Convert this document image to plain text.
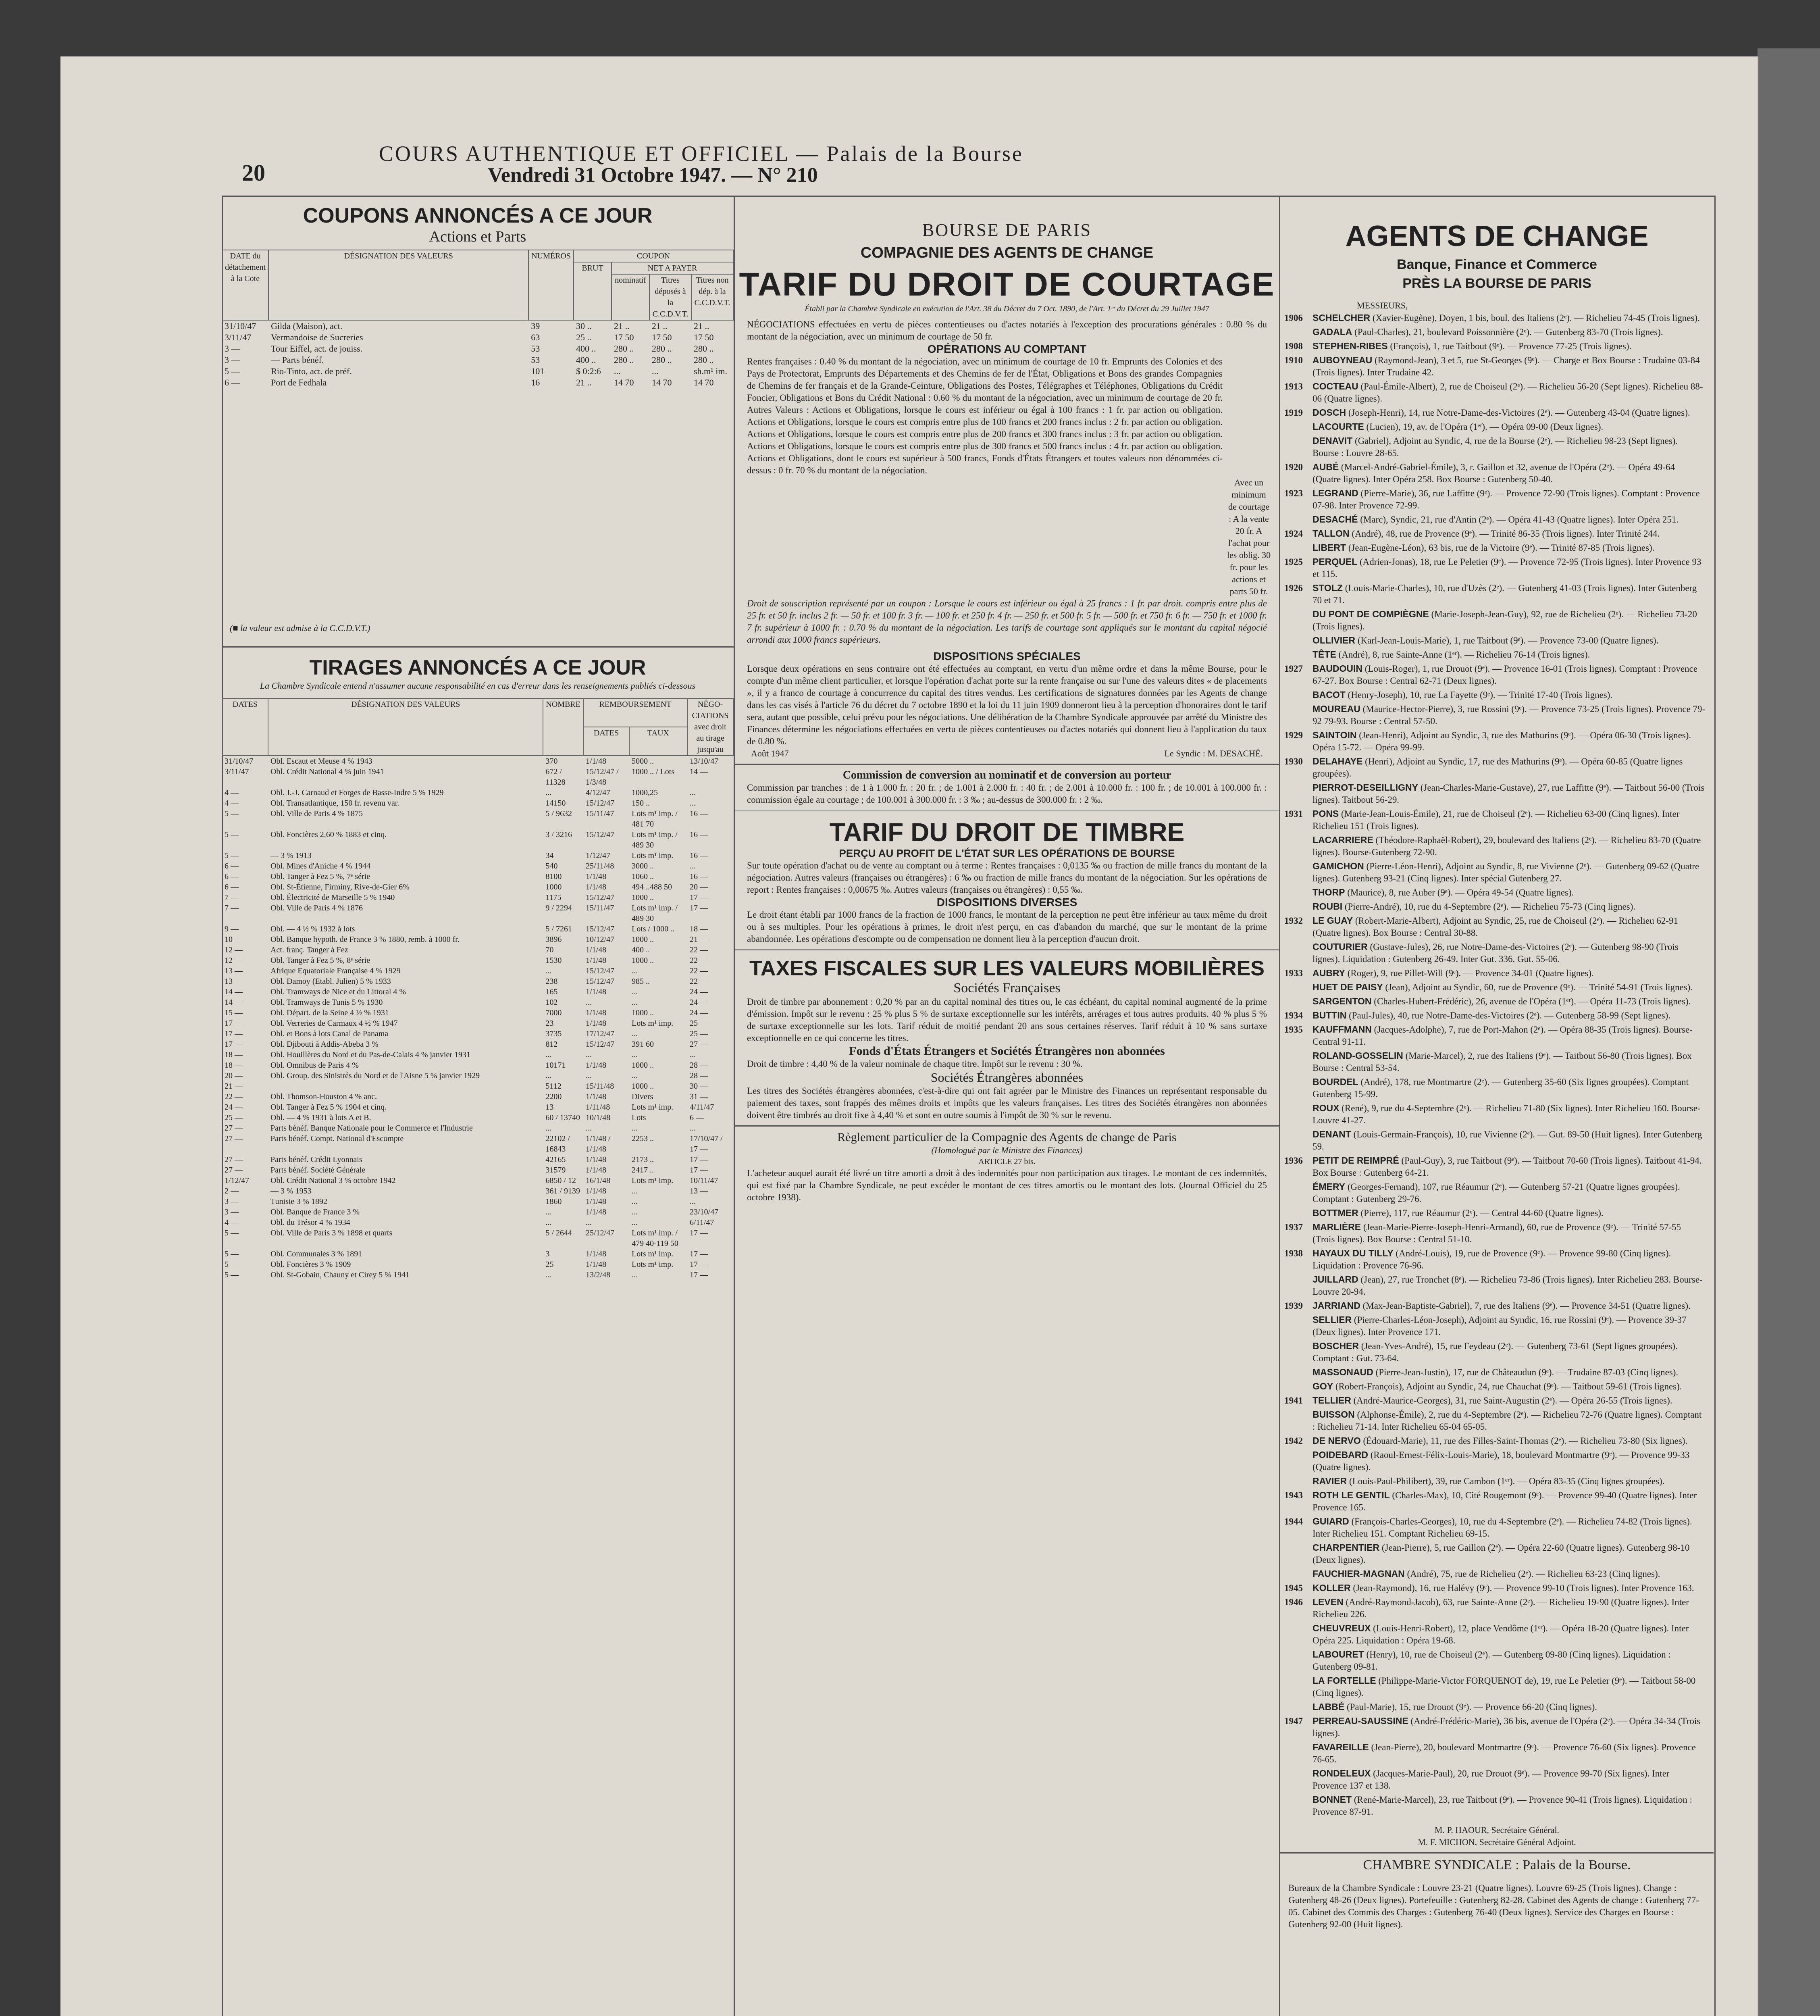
20
COURS AUTHENTIQUE ET OFFICIEL — Palais de la Bourse
Vendredi 31 Octobre 1947. — N° 210
COUPONS ANNONCÉS A CE JOUR
Actions et Parts
DATE du détachement à la Cote	DÉSIGNATION DES VALEURS	NUMÉROS	COUPON			
			BRUT	NET A PAYER		
				nominatif	Titres déposés à la C.C.D.V.T.	Titres non dép. à la C.C.D.V.T.
31/10/47	Gilda (Maison), act.	39	30 ..	21 ..	21 ..	21 ..
3/11/47	Vermandoise de Sucreries	63	25 ..	17 50	17 50	17 50
3 —	Tour Eiffel, act. de jouiss.	53	400 ..	280 ..	280 ..	280 ..
3 —	— Parts bénéf.	53	400 ..	280 ..	280 ..	280 ..
5 —	Rio-Tinto, act. de préf.	101	$ 0:2:6	...	...	sh.m¹ im.
6 —	Port de Fedhala	16	21 ..	14 70	14 70	14 70
(■ la valeur est admise à la C.C.D.V.T.)
TIRAGES ANNONCÉS A CE JOUR
La Chambre Syndicale entend n'assumer aucune responsabilité en cas d'erreur dans les renseignements publiés ci-dessous
DATES	DÉSIGNATION DES VALEURS	NOMBRE	REMBOURSEMENT		NÉGO-CIATIONS avec droit au tirage jusqu'au
			DATES	TAUX	
31/10/47	Obl. Escaut et Meuse 4 % 1943	370	1/1/48	5000 ..	13/10/47
3/11/47	Obl. Crédit National 4 % juin 1941	672 / 11328	15/12/47 / 1/3/48	1000 .. / Lots	14 —
4 —	Obl. J.-J. Carnaud et Forges de Basse-Indre 5 % 1929	...	4/12/47	1000,25	...
4 —	Obl. Transatlantique, 150 fr. revenu var.	14150	15/12/47	150 ..	...
5 —	Obl. Ville de Paris 4 % 1875	5 / 9632	15/11/47	Lots m¹ imp. / 481 70	16 —
5 —	Obl. Foncières 2,60 % 1883 et cinq.	3 / 3216	15/12/47	Lots m¹ imp. / 489 30	16 —
5 —	— 3 % 1913	34	1/12/47	Lots m¹ imp.	16 —
6 —	Obl. Mines d'Aniche 4 % 1944	540	25/11/48	3000 ..	...
6 —	Obl. Tanger à Fez 5 %, 7ᵉ série	8100	1/1/48	1060 ..	16 —
6 —	Obl. St-Étienne, Firminy, Rive-de-Gier 6%	1000	1/1/48	494 ..488 50	20 —
7 —	Obl. Électricité de Marseille 5 % 1940	1175	15/12/47	1000 ..	17 —
7 —	Obl. Ville de Paris 4 % 1876	9 / 2294	15/11/47	Lots m¹ imp. / 489 30	17 —
9 —	Obl. — 4 ½ % 1932 à lots	5 / 7261	15/12/47	Lots / 1000 ..	18 —
10 —	Obl. Banque hypoth. de France 3 % 1880, remb. à 1000 fr.	3896	10/12/47	1000 ..	21 —
12 —	Act. franç. Tanger à Fez	70	1/1/48	400 ..	22 —
12 —	Obl. Tanger à Fez 5 %, 8ᵉ série	1530	1/1/48	1000 ..	22 —
13 —	Afrique Equatoriale Française 4 % 1929	...	15/12/47	...	22 —
13 —	Obl. Damoy (Etabl. Julien) 5 % 1933	238	15/12/47	985 ..	22 —
14 —	Obl. Tramways de Nice et du Littoral 4 %	165	1/1/48	...	24 —
14 —	Obl. Tramways de Tunis 5 % 1930	102	...	...	24 —
15 —	Obl. Départ. de la Seine 4 ½ % 1931	7000	1/1/48	1000 ..	24 —
17 —	Obl. Verreries de Carmaux 4 ½ % 1947	23	1/1/48	Lots m¹ imp.	25 —
17 —	Obl. et Bons à lots Canal de Panama	3735	17/12/47	...	25 —
17 —	Obl. Djibouti à Addis-Abeba 3 %	812	15/12/47	391 60	27 —
18 —	Obl. Houillères du Nord et du Pas-de-Calais 4 % janvier 1931	...	...	...	...
18 —	Obl. Omnibus de Paris 4 %	10171	1/1/48	1000 ..	28 —
20 —	Obl. Group. des Sinistrés du Nord et de l'Aisne 5 % janvier 1929	...	...	...	28 —
21 —		5112	15/11/48	1000 ..	30 —
22 —	Obl. Thomson-Houston 4 % anc.	2200	1/1/48	Divers	31 —
24 —	Obl. Tanger à Fez 5 % 1904 et cinq.	13	1/11/48	Lots m¹ imp.	4/11/47
25 —	Obl. — 4 % 1931 à lots A et B.	60 / 13740	10/1/48	Lots	6 —
27 —	Parts bénéf. Banque Nationale pour le Commerce et l'Industrie	...	...	...	...
27 —	Parts bénéf. Compt. National d'Escompte	22102 / 16843	1/1/48 / 1/1/48	2253 ..	17/10/47 / 17 —
27 —	Parts bénéf. Crédit Lyonnais	42165	1/1/48	2173 ..	17 —
27 —	Parts bénéf. Société Générale	31579	1/1/48	2417 ..	17 —
1/12/47	Obl. Crédit National 3 % octobre 1942	6850 / 12	16/1/48	Lots m¹ imp.	10/11/47
2 —	— 3 % 1953	361 / 9139	1/1/48	...	13 —
3 —	Tunisie 3 % 1892	1860	1/1/48	...	...
3 —	Obl. Banque de France 3 %	...	1/1/48	...	23/10/47
4 —	Obl. du Trésor 4 % 1934	...	...	...	6/11/47
5 —	Obl. Ville de Paris 3 % 1898 et quarts	5 / 2644	25/12/47	Lots m¹ imp. / 479 40-119 50	17 —
5 —	Obl. Communales 3 % 1891	3	1/1/48	Lots m¹ imp.	17 —
5 —	Obl. Foncières 3 % 1909	25	1/1/48	Lots m¹ imp.	17 —
5 —	Obl. St-Gobain, Chauny et Cirey 5 % 1941	...	13/2/48	...	17 —
BOURSE DE PARIS
COMPAGNIE DES AGENTS DE CHANGE
TARIF DU DROIT DE COURTAGE
Établi par la Chambre Syndicale en exécution de l'Art. 38 du Décret du 7 Oct. 1890, de l'Art. 1ᵉʳ du Décret du 29 Juillet 1947

NÉGOCIATIONS effectuées en vertu de pièces contentieuses ou d'actes notariés à l'exception des procurations générales : 0.80 % du montant de la négociation, avec un minimum de courtage de 50 fr.

OPÉRATIONS AU COMPTANT

Rentes françaises : 0.40 % du montant de la négociation, avec un minimum de courtage de 10 fr. Emprunts des Colonies et des Pays de Protectorat, Emprunts des Départements et des Chemins de fer de l'État, Obligations et Bons des grandes Compagnies de Chemins de fer français et de la Grande-Ceinture, Obligations des Postes, Télégraphes et Téléphones, Obligations du Crédit Foncier, Obligations et Bons du Crédit National : 0.60 % du montant de la négociation, avec un minimum de courtage de 20 fr. Autres Valeurs : Actions et Obligations, lorsque le cours est inférieur ou égal à 100 francs : 1 fr. par action ou obligation. Actions et Obligations, lorsque le cours est compris entre plus de 100 francs et 200 francs inclus : 2 fr. par action ou obligation. Actions et Obligations, lorsque le cours est compris entre plus de 200 francs et 300 francs inclus : 3 fr. par action ou obligation. Actions et Obligations, lorsque le cours est compris entre plus de 300 francs et 500 francs inclus : 4 fr. par action ou obligation. Actions et Obligations, dont le cours est supérieur à 500 francs, Fonds d'États Étrangers et toutes valeurs non dénommées ci-dessus : 0 fr. 70 % du montant de la négociation.

Avec un minimum de courtage : A la vente 20 fr. A l'achat pour les oblig. 30 fr. pour les actions et parts 50 fr.

Droit de souscription représenté par un coupon : Lorsque le cours est inférieur ou égal à 25 francs : 1 fr. par droit. compris entre plus de 25 fr. et 50 fr. inclus 2 fr. — 50 fr. et 100 fr. 3 fr. — 100 fr. et 250 fr. 4 fr. — 250 fr. et 500 fr. 5 fr. — 500 fr. et 750 fr. 6 fr. — 750 fr. et 1000 fr. 7 fr. supérieur à 1000 fr. : 0.70 % du montant de la négociation. Les tarifs de courtage sont appliqués sur le montant du capital négocié arrondi aux 1000 francs supérieurs.

DISPOSITIONS SPÉCIALES

Lorsque deux opérations en sens contraire ont été effectuées au comptant, en vertu d'un même ordre et dans la même Bourse, pour le compte d'un même client particulier, et lorsque l'opération d'achat porte sur la rente française ou sur l'une des valeurs dites « de placements », il y a franco de courtage à concurrence du capital des titres vendus. Les certifications de signatures données par les Agents de change dans les cas visés à l'article 76 du décret du 7 octobre 1890 et la loi du 11 juin 1909 donneront lieu à la perception d'honoraires dont le tarif sera, autant que possible, celui prévu pour les négociations. Une délibération de la Chambre Syndicale approuvée par arrêté du Ministre des Finances détermine les négociations effectuées en vertu de pièces contentieuses ou d'actes notariés qui donnent lieu à l'application du taux de 0.80 %.

Août 1947	Le Syndic : M. DESACHÉ.
Commission de conversion au nominatif et de conversion au porteur

Commission par tranches : de 1 à 1.000 fr. : 20 fr. ; de 1.001 à 2.000 fr. : 40 fr. ; de 2.001 à 10.000 fr. : 100 fr. ; de 10.001 à 100.000 fr. : commission égale au courtage ; de 100.001 à 300.000 fr. : 3 ‰ ; au-dessus de 300.000 fr. : 2 ‰.

TARIF DU DROIT DE TIMBRE
PERÇU AU PROFIT DE L'ÉTAT SUR LES OPÉRATIONS DE BOURSE

Sur toute opération d'achat ou de vente au comptant ou à terme : Rentes françaises : 0,0135 ‰ ou fraction de mille francs du montant de la négociation. Autres valeurs (françaises ou étrangères) : 6 ‰ ou fraction de mille francs du montant de la négociation. Sur les opérations de report : Rentes françaises : 0,00675 ‰. Autres valeurs (françaises ou étrangères) : 0,55 ‰.

DISPOSITIONS DIVERSES

Le droit étant établi par 1000 francs de la fraction de 1000 francs, le montant de la perception ne peut être inférieur au taux même du droit ou à ses multiples. Pour les opérations à primes, le droit n'est perçu, en cas d'abandon du marché, que sur le montant de la prime abandonnée. Les opérations d'escompte ou de compensation ne donnent lieu à la perception d'aucun droit.

TAXES FISCALES SUR LES VALEURS MOBILIÈRES
Sociétés Françaises

Droit de timbre par abonnement : 0,20 % par an du capital nominal des titres ou, le cas échéant, du capital nominal augmenté de la prime d'émission. Impôt sur le revenu : 25 % plus 5 % de surtaxe exceptionnelle sur les intérêts, arrérages et tous autres produits. 40 % plus 5 % de surtaxe exceptionnelle sur les lots. Tarif réduit de moitié pendant 20 ans sous certaines réserves. Tarif réduit à 10 % sans surtaxe exceptionnelle en ce qui concerne les titres.

Fonds d'États Étrangers et Sociétés Étrangères non abonnées

Droit de timbre : 4,40 % de la valeur nominale de chaque titre. Impôt sur le revenu : 30 %.

Sociétés Étrangères abonnées

Les titres des Sociétés étrangères abonnées, c'est-à-dire qui ont fait agréer par le Ministre des Finances un représentant responsable du paiement des taxes, sont frappés des mêmes droits et impôts que les valeurs françaises. Les titres des Sociétés étrangères non abonnées doivent être timbrés au droit fixe à 4,40 % et sont en outre soumis à l'impôt de 30 % sur le revenu.

Règlement particulier de la Compagnie des Agents de change de Paris
(Homologué par le Ministre des Finances)
ARTICLE 27 bis.

L'acheteur auquel aurait été livré un titre amorti a droit à des indemnités pour non participation aux tirages. Le montant de ces indemnités, qui est fixé par la Chambre Syndicale, ne peut excéder le montant de ces titres amortis ou le montant des lots. (Journal Officiel du 25 octobre 1938).

AGENTS DE CHANGE
Banque, Finance et Commerce
PRÈS LA BOURSE DE PARIS
MESSIEURS,
1906 SCHELCHER (Xavier-Eugène), Doyen, 1 bis, boul. des Italiens (2ᵉ). — Richelieu 74-45 (Trois lignes).
GADALA (Paul-Charles), 21, boulevard Poissonnière (2ᵉ). — Gutenberg 83-70 (Trois lignes).
1908 STEPHEN-RIBES (François), 1, rue Taitbout (9ᵉ). — Provence 77-25 (Trois lignes).
1910 AUBOYNEAU (Raymond-Jean), 3 et 5, rue St-Georges (9ᵉ). — Charge et Box Bourse : Trudaine 03-84 (Trois lignes). Inter Trudaine 42.
1913 COCTEAU (Paul-Émile-Albert), 2, rue de Choiseul (2ᵉ). — Richelieu 56-20 (Sept lignes). Richelieu 88-06 (Quatre lignes).
1919 DOSCH (Joseph-Henri), 14, rue Notre-Dame-des-Victoires (2ᵉ). — Gutenberg 43-04 (Quatre lignes).
LACOURTE (Lucien), 19, av. de l'Opéra (1ᵉʳ). — Opéra 09-00 (Deux lignes).
DENAVIT (Gabriel), Adjoint au Syndic, 4, rue de la Bourse (2ᵉ). — Richelieu 98-23 (Sept lignes). Bourse : Louvre 28-65.
1920 AUBÉ (Marcel-André-Gabriel-Émile), 3, r. Gaillon et 32, avenue de l'Opéra (2ᵉ). — Opéra 49-64 (Quatre lignes). Inter Opéra 258. Box Bourse : Gutenberg 50-40.
1923 LEGRAND (Pierre-Marie), 36, rue Laffitte (9ᵉ). — Provence 72-90 (Trois lignes). Comptant : Provence 07-98. Inter Provence 72-99.
DESACHÉ (Marc), Syndic, 21, rue d'Antin (2ᵉ). — Opéra 41-43 (Quatre lignes). Inter Opéra 251.
1924 TALLON (André), 48, rue de Provence (9ᵉ). — Trinité 86-35 (Trois lignes). Inter Trinité 244.
LIBERT (Jean-Eugène-Léon), 63 bis, rue de la Victoire (9ᵉ). — Trinité 87-85 (Trois lignes).
1925 PERQUEL (Adrien-Jonas), 18, rue Le Peletier (9ᵉ). — Provence 72-95 (Trois lignes). Inter Provence 93 et 115.
1926 STOLZ (Louis-Marie-Charles), 10, rue d'Uzès (2ᵉ). — Gutenberg 41-03 (Trois lignes). Inter Gutenberg 70 et 71.
DU PONT DE COMPIÈGNE (Marie-Joseph-Jean-Guy), 92, rue de Richelieu (2ᵉ). — Richelieu 73-20 (Trois lignes).
OLLIVIER (Karl-Jean-Louis-Marie), 1, rue Taitbout (9ᵉ). — Provence 73-00 (Quatre lignes).
TÊTE (André), 8, rue Sainte-Anne (1ᵉʳ). — Richelieu 76-14 (Trois lignes).
1927 BAUDOUIN (Louis-Roger), 1, rue Drouot (9ᵉ). — Provence 16-01 (Trois lignes). Comptant : Provence 67-27. Box Bourse : Central 62-71 (Deux lignes).
BACOT (Henry-Joseph), 10, rue La Fayette (9ᵉ). — Trinité 17-40 (Trois lignes).
MOUREAU (Maurice-Hector-Pierre), 3, rue Rossini (9ᵉ). — Provence 73-25 (Trois lignes). Provence 79-92 79-93. Bourse : Central 57-50.
1929 SAINTOIN (Jean-Henri), Adjoint au Syndic, 3, rue des Mathurins (9ᵉ). — Opéra 06-30 (Trois lignes). Opéra 15-72. — Opéra 99-99.
1930 DELAHAYE (Henri), Adjoint au Syndic, 17, rue des Mathurins (9ᵉ). — Opéra 60-85 (Quatre lignes groupées).
PIERROT-DESEILLIGNY (Jean-Charles-Marie-Gustave), 27, rue Laffitte (9ᵉ). — Taitbout 56-00 (Trois lignes). Taitbout 56-29.
1931 PONS (Marie-Jean-Louis-Émile), 21, rue de Choiseul (2ᵉ). — Richelieu 63-00 (Cinq lignes). Inter Richelieu 151 (Trois lignes).
LACARRIERE (Théodore-Raphaël-Robert), 29, boulevard des Italiens (2ᵉ). — Richelieu 83-70 (Quatre lignes). Bourse-Gutenberg 72-90.
GAMICHON (Pierre-Léon-Henri), Adjoint au Syndic, 8, rue Vivienne (2ᵉ). — Gutenberg 09-62 (Quatre lignes). Gutenberg 93-21 (Cinq lignes). Inter spécial Gutenberg 27.
THORP (Maurice), 8, rue Auber (9ᵉ). — Opéra 49-54 (Quatre lignes).
ROUBI (Pierre-André), 10, rue du 4-Septembre (2ᵉ). — Richelieu 75-73 (Cinq lignes).
1932 LE GUAY (Robert-Marie-Albert), Adjoint au Syndic, 25, rue de Choiseul (2ᵉ). — Richelieu 62-91 (Quatre lignes). Box Bourse : Central 30-88.
COUTURIER (Gustave-Jules), 26, rue Notre-Dame-des-Victoires (2ᵉ). — Gutenberg 98-90 (Trois lignes). Liquidation : Gutenberg 26-49. Inter Gut. 336. Gut. 55-06.
1933 AUBRY (Roger), 9, rue Pillet-Will (9ᵉ). — Provence 34-01 (Quatre lignes).
HUET DE PAISY (Jean), Adjoint au Syndic, 60, rue de Provence (9ᵉ). — Trinité 54-91 (Trois lignes).
SARGENTON (Charles-Hubert-Frédéric), 26, avenue de l'Opéra (1ᵉʳ). — Opéra 11-73 (Trois lignes).
1934 BUTTIN (Paul-Jules), 40, rue Notre-Dame-des-Victoires (2ᵉ). — Gutenberg 58-99 (Sept lignes).
1935 KAUFFMANN (Jacques-Adolphe), 7, rue de Port-Mahon (2ᵉ). — Opéra 88-35 (Trois lignes). Bourse-Central 91-11.
ROLAND-GOSSELIN (Marie-Marcel), 2, rue des Italiens (9ᵉ). — Taitbout 56-80 (Trois lignes). Box Bourse : Central 53-54.
BOURDEL (André), 178, rue Montmartre (2ᵉ). — Gutenberg 35-60 (Six lignes groupées). Comptant Gutenberg 15-99.
ROUX (René), 9, rue du 4-Septembre (2ᵉ). — Richelieu 71-80 (Six lignes). Inter Richelieu 160. Bourse-Louvre 41-27.
DENANT (Louis-Germain-François), 10, rue Vivienne (2ᵉ). — Gut. 89-50 (Huit lignes). Inter Gutenberg 59.
1936 PETIT DE REIMPRÉ (Paul-Guy), 3, rue Taitbout (9ᵉ). — Taitbout 70-60 (Trois lignes). Taitbout 41-94. Box Bourse : Gutenberg 64-21.
ÉMERY (Georges-Fernand), 107, rue Réaumur (2ᵉ). — Gutenberg 57-21 (Quatre lignes groupées). Comptant : Gutenberg 29-76.
BOTTMER (Pierre), 117, rue Réaumur (2ᵉ). — Central 44-60 (Quatre lignes).
1937 MARLIÈRE (Jean-Marie-Pierre-Joseph-Henri-Armand), 60, rue de Provence (9ᵉ). — Trinité 57-55 (Trois lignes). Box Bourse : Central 51-10.
1938 HAYAUX DU TILLY (André-Louis), 19, rue de Provence (9ᵉ). — Provence 99-80 (Cinq lignes). Liquidation : Provence 76-96.
JUILLARD (Jean), 27, rue Tronchet (8ᵉ). — Richelieu 73-86 (Trois lignes). Inter Richelieu 283. Bourse-Louvre 20-94.
1939 JARRIAND (Max-Jean-Baptiste-Gabriel), 7, rue des Italiens (9ᵉ). — Provence 34-51 (Quatre lignes).
SELLIER (Pierre-Charles-Léon-Joseph), Adjoint au Syndic, 16, rue Rossini (9ᵉ). — Provence 39-37 (Deux lignes). Inter Provence 171.
BOSCHER (Jean-Yves-André), 15, rue Feydeau (2ᵉ). — Gutenberg 73-61 (Sept lignes groupées). Comptant : Gut. 73-64.
MASSONAUD (Pierre-Jean-Justin), 17, rue de Châteaudun (9ᵉ). — Trudaine 87-03 (Cinq lignes).
GOY (Robert-François), Adjoint au Syndic, 24, rue Chauchat (9ᵉ). — Taitbout 59-61 (Trois lignes).
1941 TELLIER (André-Maurice-Georges), 31, rue Saint-Augustin (2ᵉ). — Opéra 26-55 (Trois lignes).
BUISSON (Alphonse-Émile), 2, rue du 4-Septembre (2ᵉ). — Richelieu 72-76 (Quatre lignes). Comptant : Richelieu 71-14. Inter Richelieu 65-04 65-05.
1942 DE NERVO (Édouard-Marie), 11, rue des Filles-Saint-Thomas (2ᵉ). — Richelieu 73-80 (Six lignes).
POIDEBARD (Raoul-Ernest-Félix-Louis-Marie), 18, boulevard Montmartre (9ᵉ). — Provence 99-33 (Quatre lignes).
RAVIER (Louis-Paul-Philibert), 39, rue Cambon (1ᵉʳ). — Opéra 83-35 (Cinq lignes groupées).
1943 ROTH LE GENTIL (Charles-Max), 10, Cité Rougemont (9ᵉ). — Provence 99-40 (Quatre lignes). Inter Provence 165.
1944 GUIARD (François-Charles-Georges), 10, rue du 4-Septembre (2ᵉ). — Richelieu 74-82 (Trois lignes). Inter Richelieu 151. Comptant Richelieu 69-15.
CHARPENTIER (Jean-Pierre), 5, rue Gaillon (2ᵉ). — Opéra 22-60 (Quatre lignes). Gutenberg 98-10 (Deux lignes).
FAUCHIER-MAGNAN (André), 75, rue de Richelieu (2ᵉ). — Richelieu 63-23 (Cinq lignes).
1945 KOLLER (Jean-Raymond), 16, rue Halévy (9ᵉ). — Provence 99-10 (Trois lignes). Inter Provence 163.
1946 LEVEN (André-Raymond-Jacob), 63, rue Sainte-Anne (2ᵉ). — Richelieu 19-90 (Quatre lignes). Inter Richelieu 226.
CHEUVREUX (Louis-Henri-Robert), 12, place Vendôme (1ᵉʳ). — Opéra 18-20 (Quatre lignes). Inter Opéra 225. Liquidation : Opéra 19-68.
LABOURET (Henry), 10, rue de Choiseul (2ᵉ). — Gutenberg 09-80 (Cinq lignes). Liquidation : Gutenberg 09-81.
LA FORTELLE (Philippe-Marie-Victor FORQUENOT de), 19, rue Le Peletier (9ᵉ). — Taitbout 58-00 (Cinq lignes).
LABBÉ (Paul-Marie), 15, rue Drouot (9ᵉ). — Provence 66-20 (Cinq lignes).
1947 PERREAU-SAUSSINE (André-Frédéric-Marie), 36 bis, avenue de l'Opéra (2ᵉ). — Opéra 34-34 (Trois lignes).
FAVAREILLE (Jean-Pierre), 20, boulevard Montmartre (9ᵉ). — Provence 76-60 (Six lignes). Provence 76-65.
RONDELEUX (Jacques-Marie-Paul), 20, rue Drouot (9ᵉ). — Provence 99-70 (Six lignes). Inter Provence 137 et 138.
BONNET (René-Marie-Marcel), 23, rue Taitbout (9ᵉ). — Provence 90-41 (Trois lignes). Liquidation : Provence 87-91.
M. P. HAOUR, Secrétaire Général.
M. F. MICHON, Secrétaire Général Adjoint.
CHAMBRE SYNDICALE : Palais de la Bourse.

Bureaux de la Chambre Syndicale : Louvre 23-21 (Quatre lignes). Louvre 69-25 (Trois lignes). Change : Gutenberg 48-26 (Deux lignes). Portefeuille : Gutenberg 82-28. Cabinet des Agents de change : Gutenberg 77-05. Cabinet des Commis des Charges : Gutenberg 76-40 (Deux lignes). Service des Charges en Bourse : Gutenberg 92-00 (Huit lignes).
